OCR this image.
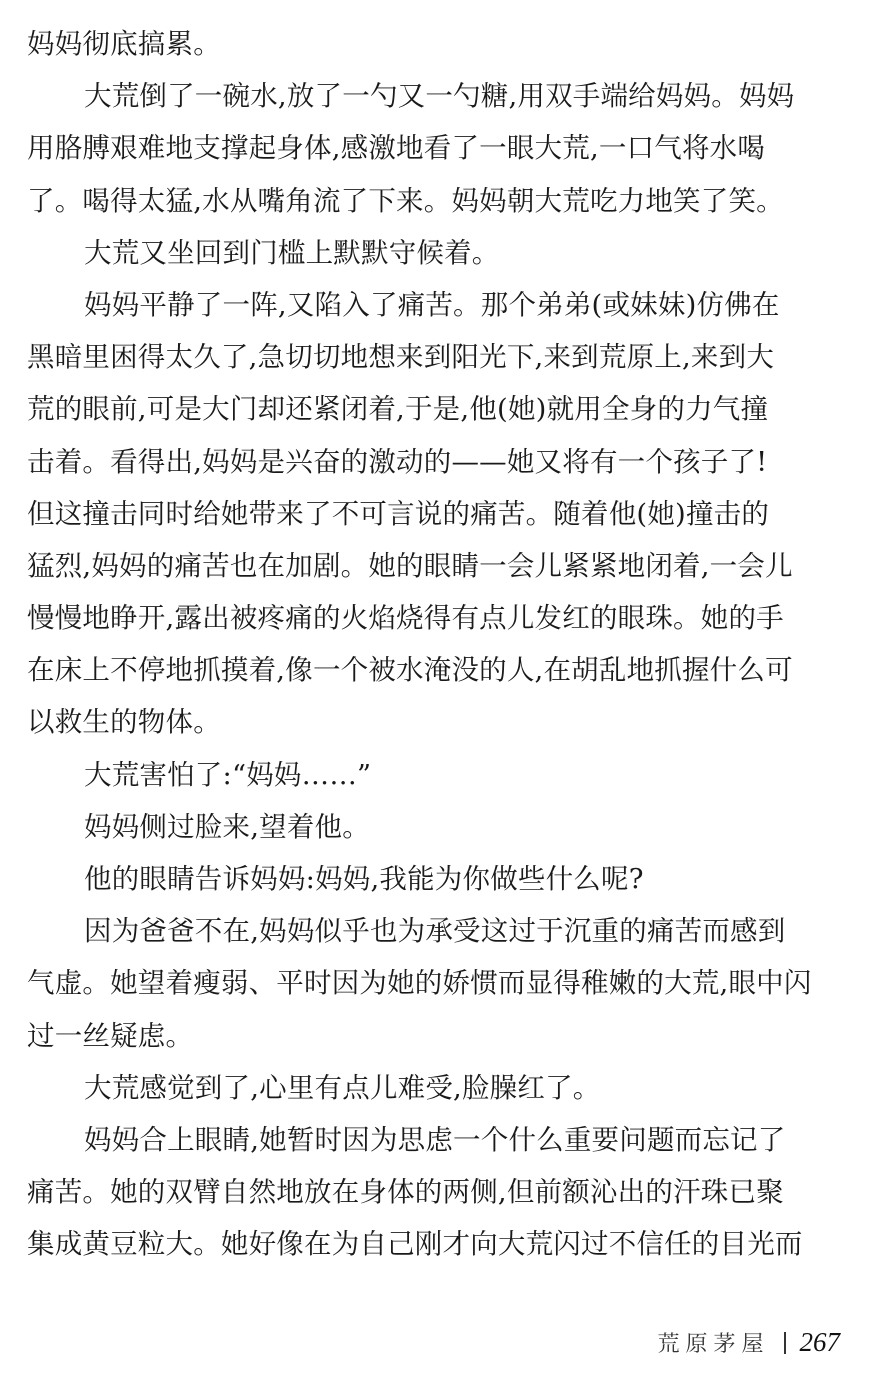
妈妈彻底搞累。
大荒倒了一碗水,放了一勺又一勺糖,用双手端给妈妈。妈妈
用胳膊艰难地支撑起身体,感激地看了一眼大荒,一口气将水喝
了。喝得太猛,水从嘴角流了下来。妈妈朝大荒吃力地笑了笑。
大荒又坐回到门槛上默默守候着。
妈妈平静了一阵,又陷入了痛苦。那个弟弟(或妹妹)仿佛在
黑暗里困得太久了,急切切地想来到阳光下,来到荒原上,来到大
荒的眼前,可是大门却还紧闭着,于是,他(她)就用全身的力气撞
击着。看得出,妈妈是兴奋的激动的——她又将有一个孩子了!
但这撞击同时给她带来了不可言说的痛苦。随着他(她)撞击的
猛烈,妈妈的痛苦也在加剧。她的眼睛一会儿紧紧地闭着,一会儿
慢慢地睁开,露出被疼痛的火焰烧得有点儿发红的眼珠。她的手
在床上不停地抓摸着,像一个被水淹没的人,在胡乱地抓握什么可
以救生的物体。
大荒害怕了:“妈妈……”
妈妈侧过脸来,望着他。
他的眼睛告诉妈妈:妈妈,我能为你做些什么呢?
因为爸爸不在,妈妈似乎也为承受这过于沉重的痛苦而感到
气虚。她望着瘦弱、平时因为她的娇惯而显得稚嫩的大荒,眼中闪
过一丝疑虑。
大荒感觉到了,心里有点儿难受,脸臊红了。
妈妈合上眼睛,她暂时因为思虑一个什么重要问题而忘记了
痛苦。她的双臂自然地放在身体的两侧,但前额沁出的汗珠已聚
集成黄豆粒大。她好像在为自己刚才向大荒闪过不信任的目光而
荒原茅屋 267
